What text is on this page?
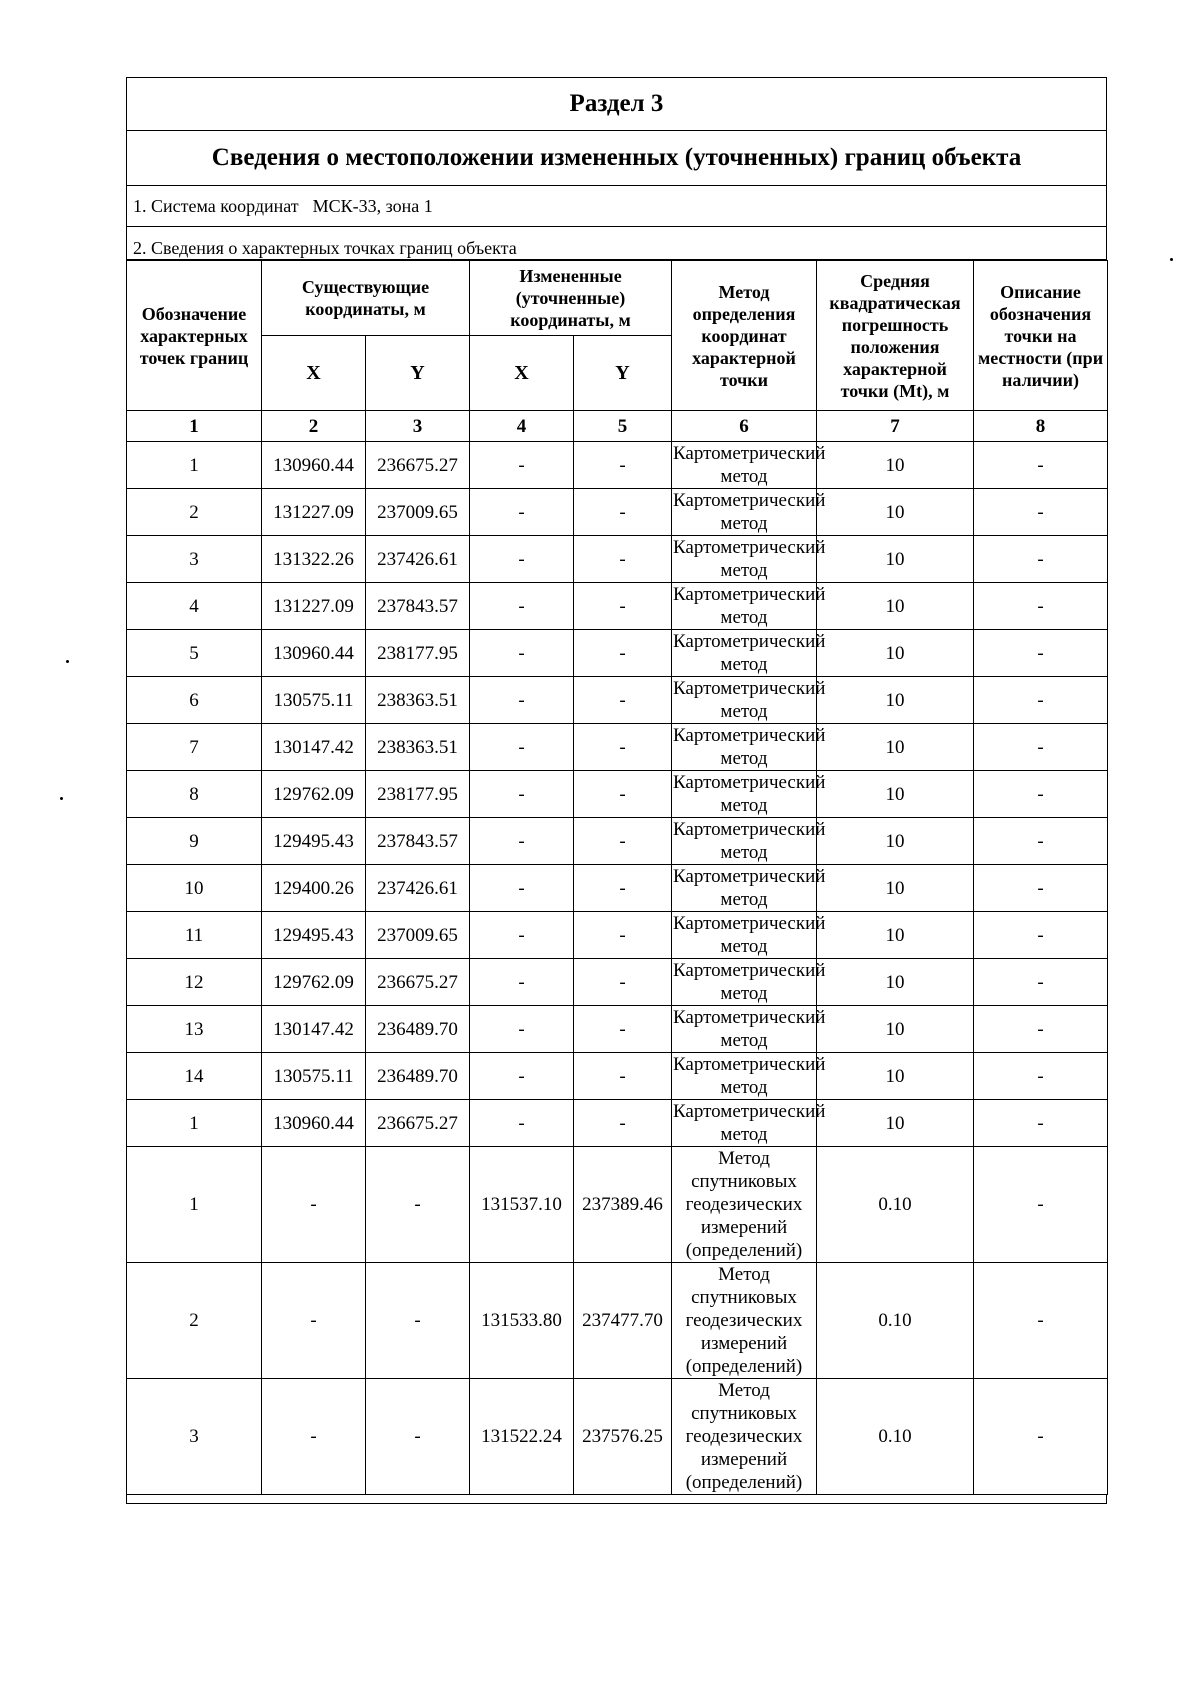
Раздел 3
Сведения о местоположении измененных (уточненных) границ объекта
1. Система координат МСК-33, зона 1
2. Сведения о характерных точках границ объекта
Обозначение характерных точек границ	Существующие координаты, м		Измененные (уточненные) координаты, м		Метод определения координат характерной точки	Средняя квадратическая погрешность положения характерной точки (Mt), м	Описание обозначения точки на местности (при наличии)
	X	Y	X	Y			
1	2	3	4	5	6	7	8
1	130960.44	236675.27	-	-	Картометрический метод	10	-
2	131227.09	237009.65	-	-	Картометрический метод	10	-
3	131322.26	237426.61	-	-	Картометрический метод	10	-
4	131227.09	237843.57	-	-	Картометрический метод	10	-
5	130960.44	238177.95	-	-	Картометрический метод	10	-
6	130575.11	238363.51	-	-	Картометрический метод	10	-
7	130147.42	238363.51	-	-	Картометрический метод	10	-
8	129762.09	238177.95	-	-	Картометрический метод	10	-
9	129495.43	237843.57	-	-	Картометрический метод	10	-
10	129400.26	237426.61	-	-	Картометрический метод	10	-
11	129495.43	237009.65	-	-	Картометрический метод	10	-
12	129762.09	236675.27	-	-	Картометрический метод	10	-
13	130147.42	236489.70	-	-	Картометрический метод	10	-
14	130575.11	236489.70	-	-	Картометрический метод	10	-
1	130960.44	236675.27	-	-	Картометрический метод	10	-
1	-	-	131537.10	237389.46	Метод спутниковых геодезических измерений (определений)	0.10	-
2	-	-	131533.80	237477.70	Метод спутниковых геодезических измерений (определений)	0.10	-
3	-	-	131522.24	237576.25	Метод спутниковых геодезических измерений (определений)	0.10	-
